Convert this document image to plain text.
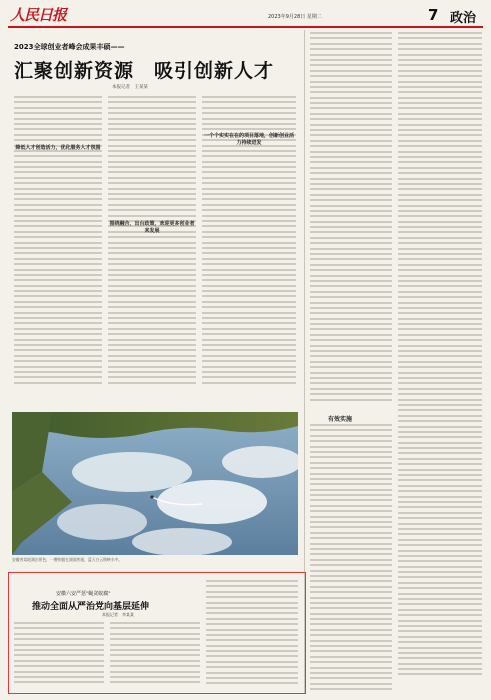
人民日报	2023年9月28日 星期二	7 政治
2023全球创业者峰会成果丰硕——
汇聚创新资源　吸引创新人才
本报记者　王某某
降低人才创造活力，优化服务人才氛围
围绕融合、出台政策，欢迎更多创业者来发展
一个个实实在在的项目落地，创新创业活力持续迸发
有效实施
安徽省某地湖泊景色，一艘快艇在湖面疾驰，蓝天白云倒映水中。
安徽六安严惩"蝇贪蚁腐"
推动全面从严治党向基层延伸
本报记者　李某某
